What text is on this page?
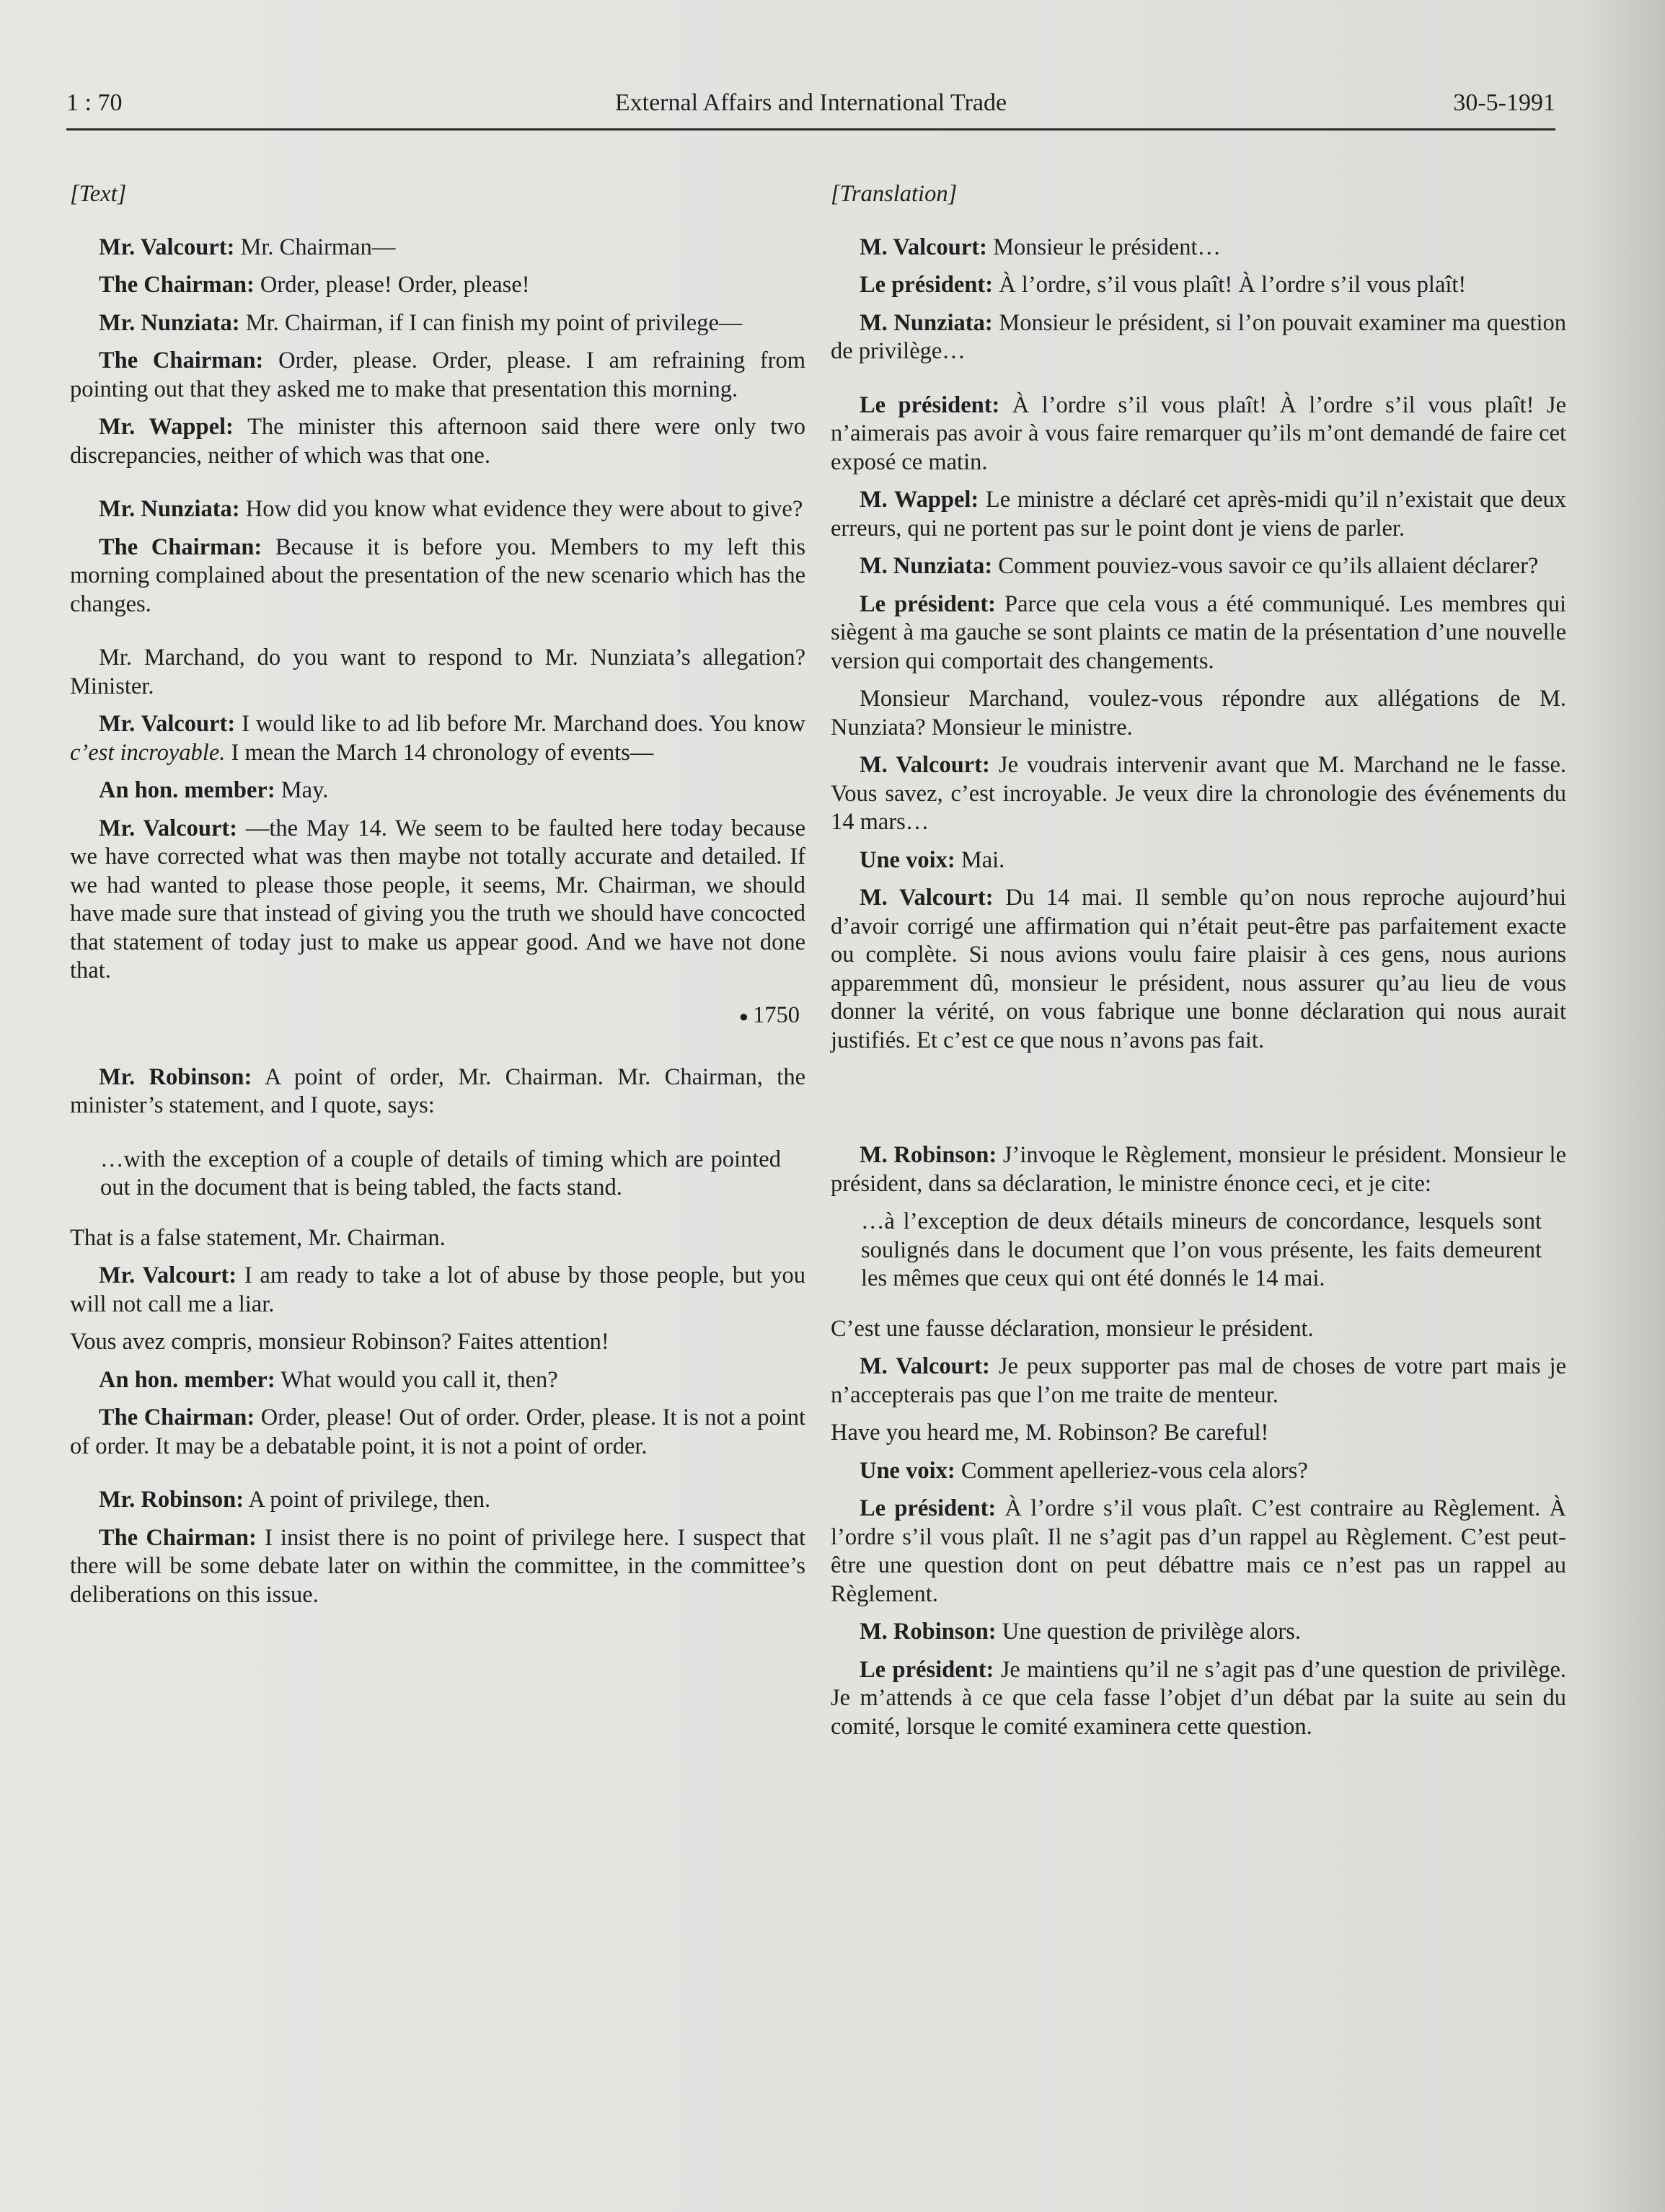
1 : 70	External Affairs and International Trade	30-5-1991
[Text]

Mr. Valcourt: Mr. Chairman—

The Chairman: Order, please! Order, please!

Mr. Nunziata: Mr. Chairman, if I can finish my point of privilege—

The Chairman: Order, please. Order, please. I am refraining from pointing out that they asked me to make that presentation this morning.

Mr. Wappel: The minister this afternoon said there were only two discrepancies, neither of which was that one.

Mr. Nunziata: How did you know what evidence they were about to give?

The Chairman: Because it is before you. Members to my left this morning complained about the presentation of the new scenario which has the changes.

Mr. Marchand, do you want to respond to Mr. Nunziata’s allegation? Minister.

Mr. Valcourt: I would like to ad lib before Mr. Marchand does. You know c’est incroyable. I mean the March 14 chronology of events—

An hon. member: May.

Mr. Valcourt: —the May 14. We seem to be faulted here today because we have corrected what was then maybe not totally accurate and detailed. If we had wanted to please those people, it seems, Mr. Chairman, we should have made sure that instead of giving you the truth we should have concocted that statement of today just to make us appear good. And we have not done that.

● 1750

Mr. Robinson: A point of order, Mr. Chairman. Mr. Chairman, the minister’s statement, and I quote, says:

…with the exception of a couple of details of timing which are pointed out in the document that is being tabled, the facts stand.

That is a false statement, Mr. Chairman.

Mr. Valcourt: I am ready to take a lot of abuse by those people, but you will not call me a liar.

Vous avez compris, monsieur Robinson? Faites attention!

An hon. member: What would you call it, then?

The Chairman: Order, please! Out of order. Order, please. It is not a point of order. It may be a debatable point, it is not a point of order.

Mr. Robinson: A point of privilege, then.

The Chairman: I insist there is no point of privilege here. I suspect that there will be some debate later on within the committee, in the committee’s deliberations on this issue.

[Translation]

M. Valcourt: Monsieur le président…

Le président: À l’ordre, s’il vous plaît! À l’ordre s’il vous plaît!

M. Nunziata: Monsieur le président, si l’on pouvait examiner ma question de privilège…

Le président: À l’ordre s’il vous plaît! À l’ordre s’il vous plaît! Je n’aimerais pas avoir à vous faire remarquer qu’ils m’ont demandé de faire cet exposé ce matin.

M. Wappel: Le ministre a déclaré cet après-midi qu’il n’existait que deux erreurs, qui ne portent pas sur le point dont je viens de parler.

M. Nunziata: Comment pouviez-vous savoir ce qu’ils allaient déclarer?

Le président: Parce que cela vous a été communiqué. Les membres qui siègent à ma gauche se sont plaints ce matin de la présentation d’une nouvelle version qui comportait des changements.

Monsieur Marchand, voulez-vous répondre aux allégations de M. Nunziata? Monsieur le ministre.

M. Valcourt: Je voudrais intervenir avant que M. Marchand ne le fasse. Vous savez, c’est incroyable. Je veux dire la chronologie des événements du 14 mars…

Une voix: Mai.

M. Valcourt: Du 14 mai. Il semble qu’on nous reproche aujourd’hui d’avoir corrigé une affirmation qui n’était peut-être pas parfaitement exacte ou complète. Si nous avions voulu faire plaisir à ces gens, nous aurions apparemment dû, monsieur le président, nous assurer qu’au lieu de vous donner la vérité, on vous fabrique une bonne déclaration qui nous aurait justifiés. Et c’est ce que nous n’avons pas fait.

M. Robinson: J’invoque le Règlement, monsieur le président. Monsieur le président, dans sa déclaration, le ministre énonce ceci, et je cite:

…à l’exception de deux détails mineurs de concordance, lesquels sont soulignés dans le document que l’on vous présente, les faits demeurent les mêmes que ceux qui ont été donnés le 14 mai.

C’est une fausse déclaration, monsieur le président.

M. Valcourt: Je peux supporter pas mal de choses de votre part mais je n’accepterais pas que l’on me traite de menteur.

Have you heard me, M. Robinson? Be careful!

Une voix: Comment apelleriez-vous cela alors?

Le président: À l’ordre s’il vous plaît. C’est contraire au Règlement. À l’ordre s’il vous plaît. Il ne s’agit pas d’un rappel au Règlement. C’est peut-être une question dont on peut débattre mais ce n’est pas un rappel au Règlement.

M. Robinson: Une question de privilège alors.

Le président: Je maintiens qu’il ne s’agit pas d’une question de privilège. Je m’attends à ce que cela fasse l’objet d’un débat par la suite au sein du comité, lorsque le comité examinera cette question.
